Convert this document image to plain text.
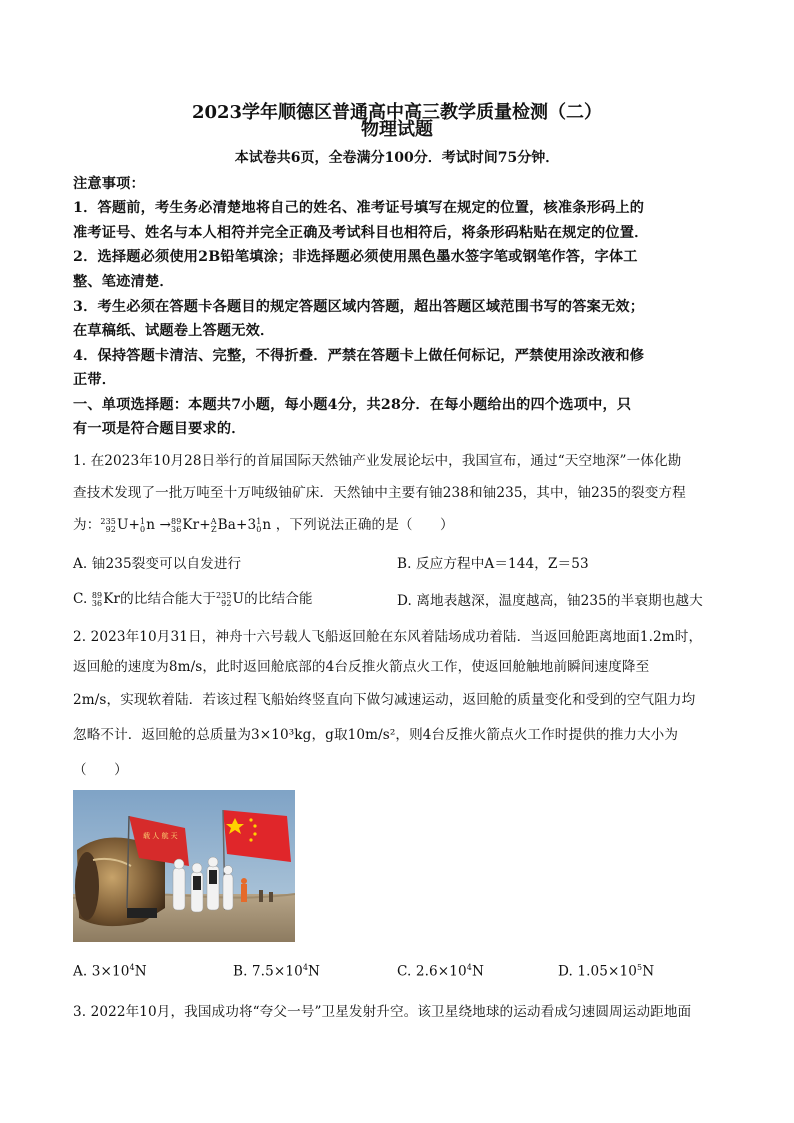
2023学年顺德区普通高中高三教学质量检测（二）
物理试题
本试卷共6页，全卷满分100分．考试时间75分钟．
注意事项：
1．答题前，考生务必清楚地将自己的姓名、准考证号填写在规定的位置，核准条形码上的
准考证号、姓名与本人相符并完全正确及考试科目也相符后，将条形码粘贴在规定的位置．
2．选择题必须使用2B铅笔填涂；非选择题必须使用黑色墨水签字笔或钢笔作答，字体工
整、笔迹清楚．
3．考生必须在答题卡各题目的规定答题区域内答题，超出答题区域范围书写的答案无效；
在草稿纸、试题卷上答题无效．
4．保持答题卡清洁、完整，不得折叠．严禁在答题卡上做任何标记，严禁使用涂改液和修
正带．
一、单项选择题：本题共7小题，每小题4分，共28分．在每小题给出的四个选项中，只
有一项是符合题目要求的．
1. 在2023年10月28日举行的首届国际天然铀产业发展论坛中，我国宣布，通过“天空地深”一体化勘
查技术发现了一批万吨至十万吨级铀矿床．天然铀中主要有铀238和铀235，其中，铀235的裂变方程
为： 235
92 U+ 1
0 n → 89
36 Kr+ A
Z Ba+3 1
0 n ，下列说法正确的是（　　）
A. 铀235裂变可以自发进行	B. 反应方程中A＝144，Z＝53
C. 89
36 Kr的比结合能大于 235
92 U的比结合能	D. 离地表越深，温度越高，铀235的半衰期也越大
2. 2023年10月31日，神舟十六号载人飞船返回舱在东风着陆场成功着陆．当返回舱距离地面1.2m时，
返回舱的速度为8m/s，此时返回舱底部的4台反推火箭点火工作，使返回舱触地前瞬间速度降至
2m/s，实现软着陆．若该过程飞船始终竖直向下做匀减速运动，返回舱的质量变化和受到的空气阻力均
忽略不计．返回舱的总质量为3×10³kg，g取10m/s²，则4台反推火箭点火工作时提供的推力大小为
（　　）
载 人 航 天
A. $3\times 10^4N$	B. $7.5\times 10^4N$	C. $2.6\times 10^4N$	D. $1.05\times 10^5N$
3. 2022年10月，我国成功将“夸父一号”卫星发射升空。该卫星绕地球的运动看成匀速圆周运动距地面
